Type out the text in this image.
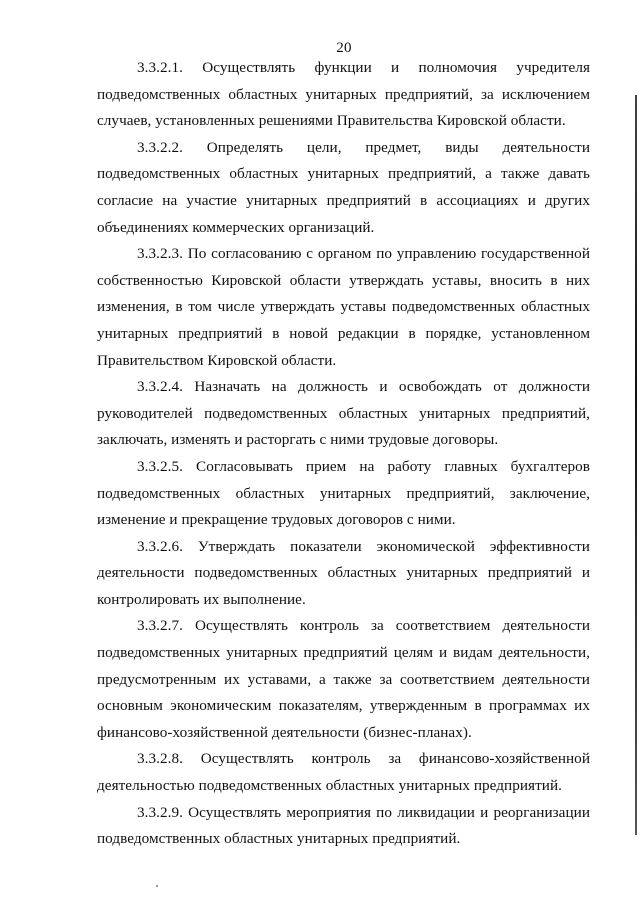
20

3.3.2.1. Осуществлять функции и полномочия учредителя подведомственных областных унитарных предприятий, за исключением случаев, установленных решениями Правительства Кировской области.

3.3.2.2. Определять цели, предмет, виды деятельности подведомственных областных унитарных предприятий, а также давать согласие на участие унитарных предприятий в ассоциациях и других объединениях коммерческих организаций.

3.3.2.3. По согласованию с органом по управлению государственной собственностью Кировской области утверждать уставы, вносить в них изменения, в том числе утверждать уставы подведомственных областных унитарных предприятий в новой редакции в порядке, установленном Правительством Кировской области.

3.3.2.4. Назначать на должность и освобождать от должности руководителей подведомственных областных унитарных предприятий, заключать, изменять и расторгать с ними трудовые договоры.

3.3.2.5. Согласовывать прием на работу главных бухгалтеров подведомственных областных унитарных предприятий, заключение, изменение и прекращение трудовых договоров с ними.

3.3.2.6. Утверждать показатели экономической эффективности деятельности подведомственных областных унитарных предприятий и контролировать их выполнение.

3.3.2.7. Осуществлять контроль за соответствием деятельности подведомственных унитарных предприятий целям и видам деятельности, предусмотренным их уставами, а также за соответствием деятельности основным экономическим показателям, утвержденным в программах их финансово-хозяйственной деятельности (бизнес-планах).

3.3.2.8. Осуществлять контроль за финансово-хозяйственной деятельностью подведомственных областных унитарных предприятий.

3.3.2.9. Осуществлять мероприятия по ликвидации и реорганизации подведомственных областных унитарных предприятий.
